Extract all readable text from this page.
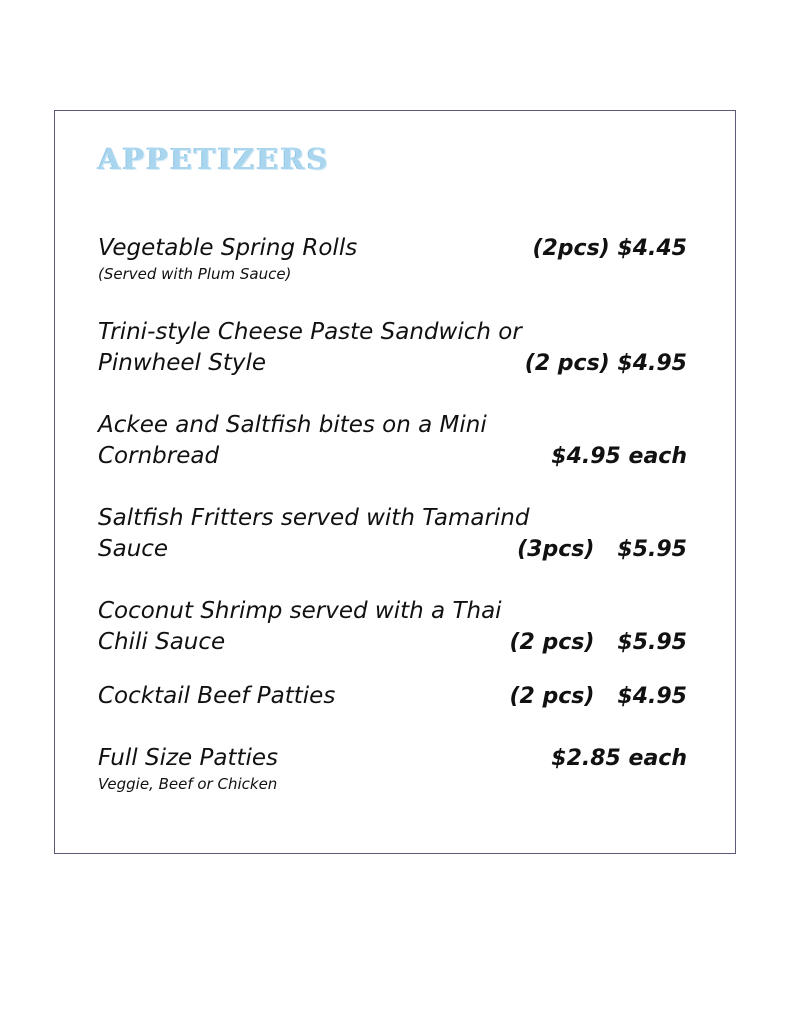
APPETIZERS
Vegetable Spring Rolls
(Served with Plum Sauce)
(2pcs) $4.45
Trini-style Cheese Paste Sandwich or
Pinwheel Style	(2 pcs) $4.95
Ackee and Saltfish bites on a Mini
Cornbread	$4.95 each
Saltfish Fritters served with Tamarind
Sauce	(3pcs)   $5.95
Coconut Shrimp served with a Thai
Chili Sauce	(2 pcs)   $5.95
Cocktail Beef Patties	(2 pcs)   $4.95
Full Size Patties
Veggie, Beef or Chicken
$2.85 each
